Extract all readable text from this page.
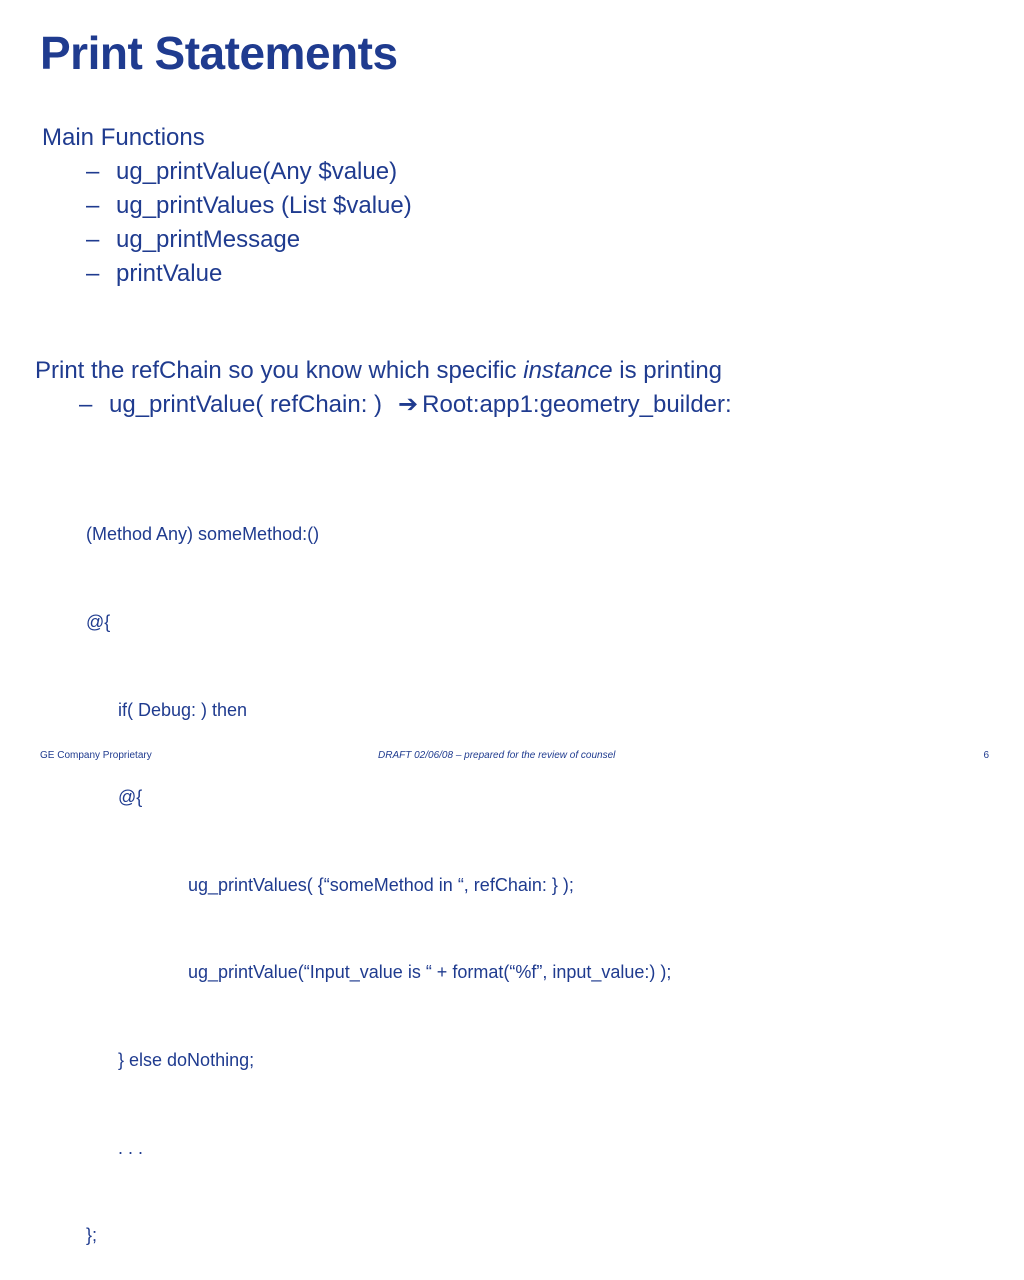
Print Statements
Main Functions
– ug_printValue(Any $value)
– ug_printValues (List $value)
– ug_printMessage
– printValue
Print the refChain so you know which specific instance is printing
– ug_printValue( refChain: ) ➔ Root:app1:geometry_builder:

(Method Any) someMethod:()

@{

if( Debug: ) then

@{

ug_printValues( {“someMethod in “, refChain: } );

ug_printValue(“Input_value is “ + format(“%f”, input_value:) );

} else doNothing;

. . .

};

GE Company Proprietary	DRAFT 02/06/08 – prepared for the review of counsel	6
